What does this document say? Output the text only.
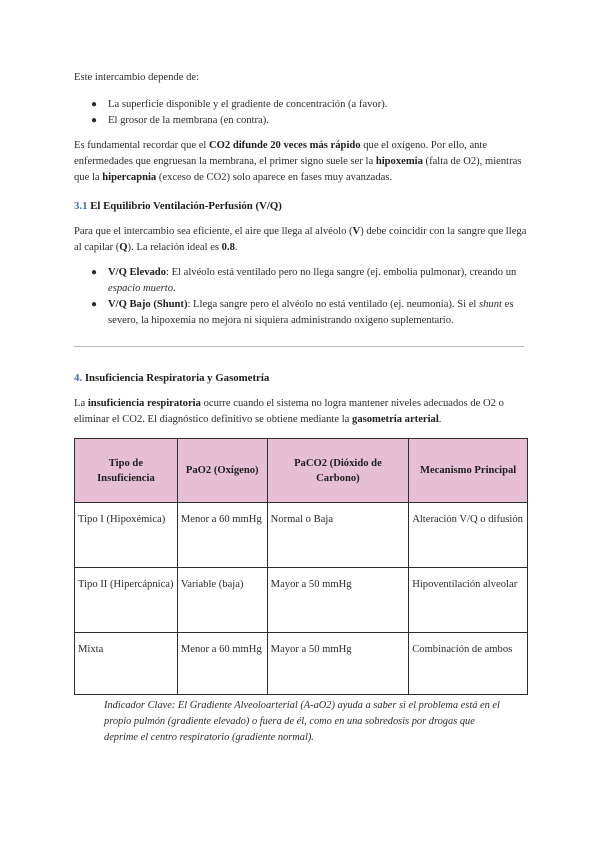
Este intercambio depende de:

● La superficie disponible y el gradiente de concentración (a favor).
● El grosor de la membrana (en contra).

Es fundamental recordar que el CO2 difunde 20 veces más rápido que el oxígeno. Por ello, ante enfermedades que engruesan la membrana, el primer signo suele ser la hipoxemia (falta de O2), mientras que la hipercapnia (exceso de CO2) solo aparece en fases muy avanzadas.

3.1 El Equilibrio Ventilación-Perfusión (V/Q)

Para que el intercambio sea eficiente, el aire que llega al alvéolo (V) debe coincidir con la sangre que llega al capilar (Q). La relación ideal es 0.8.

● V/Q Elevado: El alvéolo está ventilado pero no llega sangre (ej. embolia pulmonar), creando un espacio muerto.
● V/Q Bajo (Shunt): Llega sangre pero el alvéolo no está ventilado (ej. neumonía). Si el shunt es severo, la hipoxemia no mejora ni siquiera administrando oxígeno suplementario.
4. Insuficiencia Respiratoria y Gasometría

La insuficiencia respiratoria ocurre cuando el sistema no logra mantener niveles adecuados de O2 o eliminar el CO2. El diagnóstico definitivo se obtiene mediante la gasometría arterial.

Tipo de Insuficiencia	PaO2 (Oxígeno)	PaCO2 (Dióxido de Carbono)	Mecanismo Principal

Tipo I (Hipoxémica)	Menor a 60 mmHg	Normal o Baja	Alteración V/Q o difusión

Tipo II (Hipercápnica)	Variable (baja)	Mayor a 50 mmHg	Hipoventilación alveolar

Mixta	Menor a 60 mmHg	Mayor a 50 mmHg	Combinación de ambos

Indicador Clave: El Gradiente Alveoloarterial (A-aO2) ayuda a saber si el problema está en el propio pulmón (gradiente elevado) o fuera de él, como en una sobredosis por drogas que deprime el centro respiratorio (gradiente normal).
